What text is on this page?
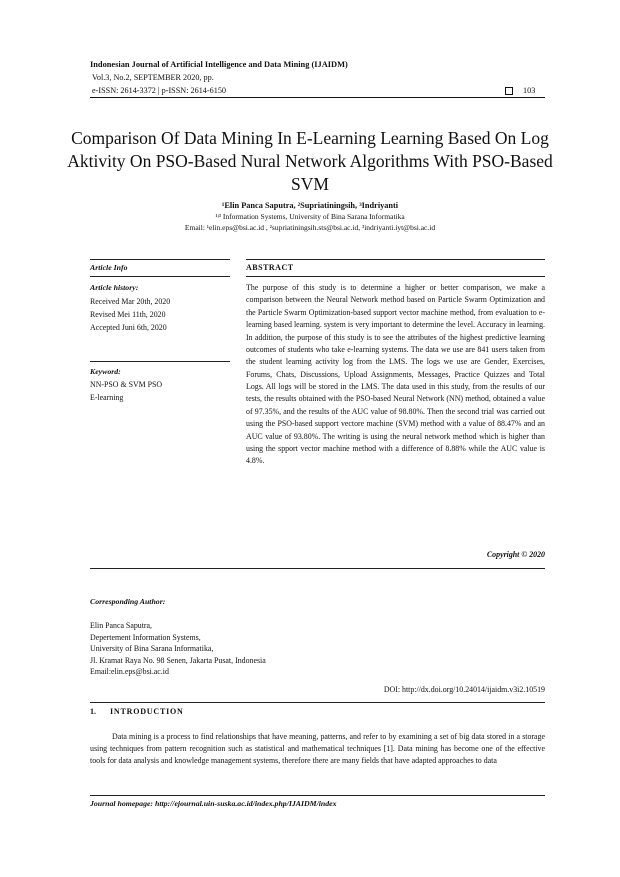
Indonesian Journal of Artificial Intelligence and Data Mining (IJAIDM)
Vol.3, No.2, SEPTEMBER 2020, pp.
e-ISSN: 2614-3372 | p-ISSN: 2614-6150	103
Comparison Of Data Mining In E-Learning Learning Based On Log Aktivity On PSO-Based Nural Network Algorithms With PSO-Based SVM
¹Elin Panca Saputra, ²Supriatiningsih, ³Indriyanti
¹ʲ³ Information Systems, University of Bina Sarana Informatika
Email: ¹elin.eps@bsi.ac.id , ²supriatiningsih.sts@bsi.ac.id, ³indriyanti.iyt@bsi.ac.id
Article Info	ABSTRACT
Article history:
Received Mar 20th, 2020
Revised Mei 11th, 2020
Accepted Juni 6th, 2020
Keyword:
NN-PSO & SVM PSO
E-learning
The purpose of this study is to determine a higher or better comparison, we make a comparison between the Neural Network method based on Particle Swarm Optimization and the Particle Swarm Optimization-based support vector machine method, from evaluation to e-learning based learning. system is very important to determine the level. Accuracy in learning. In addition, the purpose of this study is to see the attributes of the highest predictive learning outcomes of students who take e-learning systems. The data we use are 841 users taken from the student learning activity log from the LMS. The logs we use are Gender, Exercises, Forums, Chats, Discussions, Upload Assignments, Messages, Practice Quizzes and Total Logs. All logs will be stored in the LMS. The data used in this study, from the results of our tests, the results obtained with the PSO-based Neural Network (NN) method, obtained a value of 97.35%, and the results of the AUC value of 98.80%. Then the second trial was carried out using the PSO-based support vectore machine (SVM) method with a value of 88.47% and an AUC value of 93.80%. The writing is using the neural network method which is higher than using the spport vector machine method with a difference of 8.88% while the AUC value is 4.8%.
Copyright © 2020
Corresponding Author:
Elin Panca Saputra,
Depertement Information Systems,
University of Bina Sarana Informatika,
Jl. Kramat Raya No. 98 Senen, Jakarta Pusat, Indonesia
Email:elin.eps@bsi.ac.id
DOI: http://dx.doi.org/10.24014/ijaidm.v3i2.10519
1. INTRODUCTION
Data mining is a process to find relationships that have meaning, patterns, and refer to by examining a set of big data stored in a storage using techniques from pattern recognition such as statistical and mathematical techniques [1]. Data mining has become one of the effective tools for data analysis and knowledge management systems, therefore there are many fields that have adapted approaches to data
Journal homepage: http://ejournal.uin-suska.ac.id/index.php/IJAIDM/index
